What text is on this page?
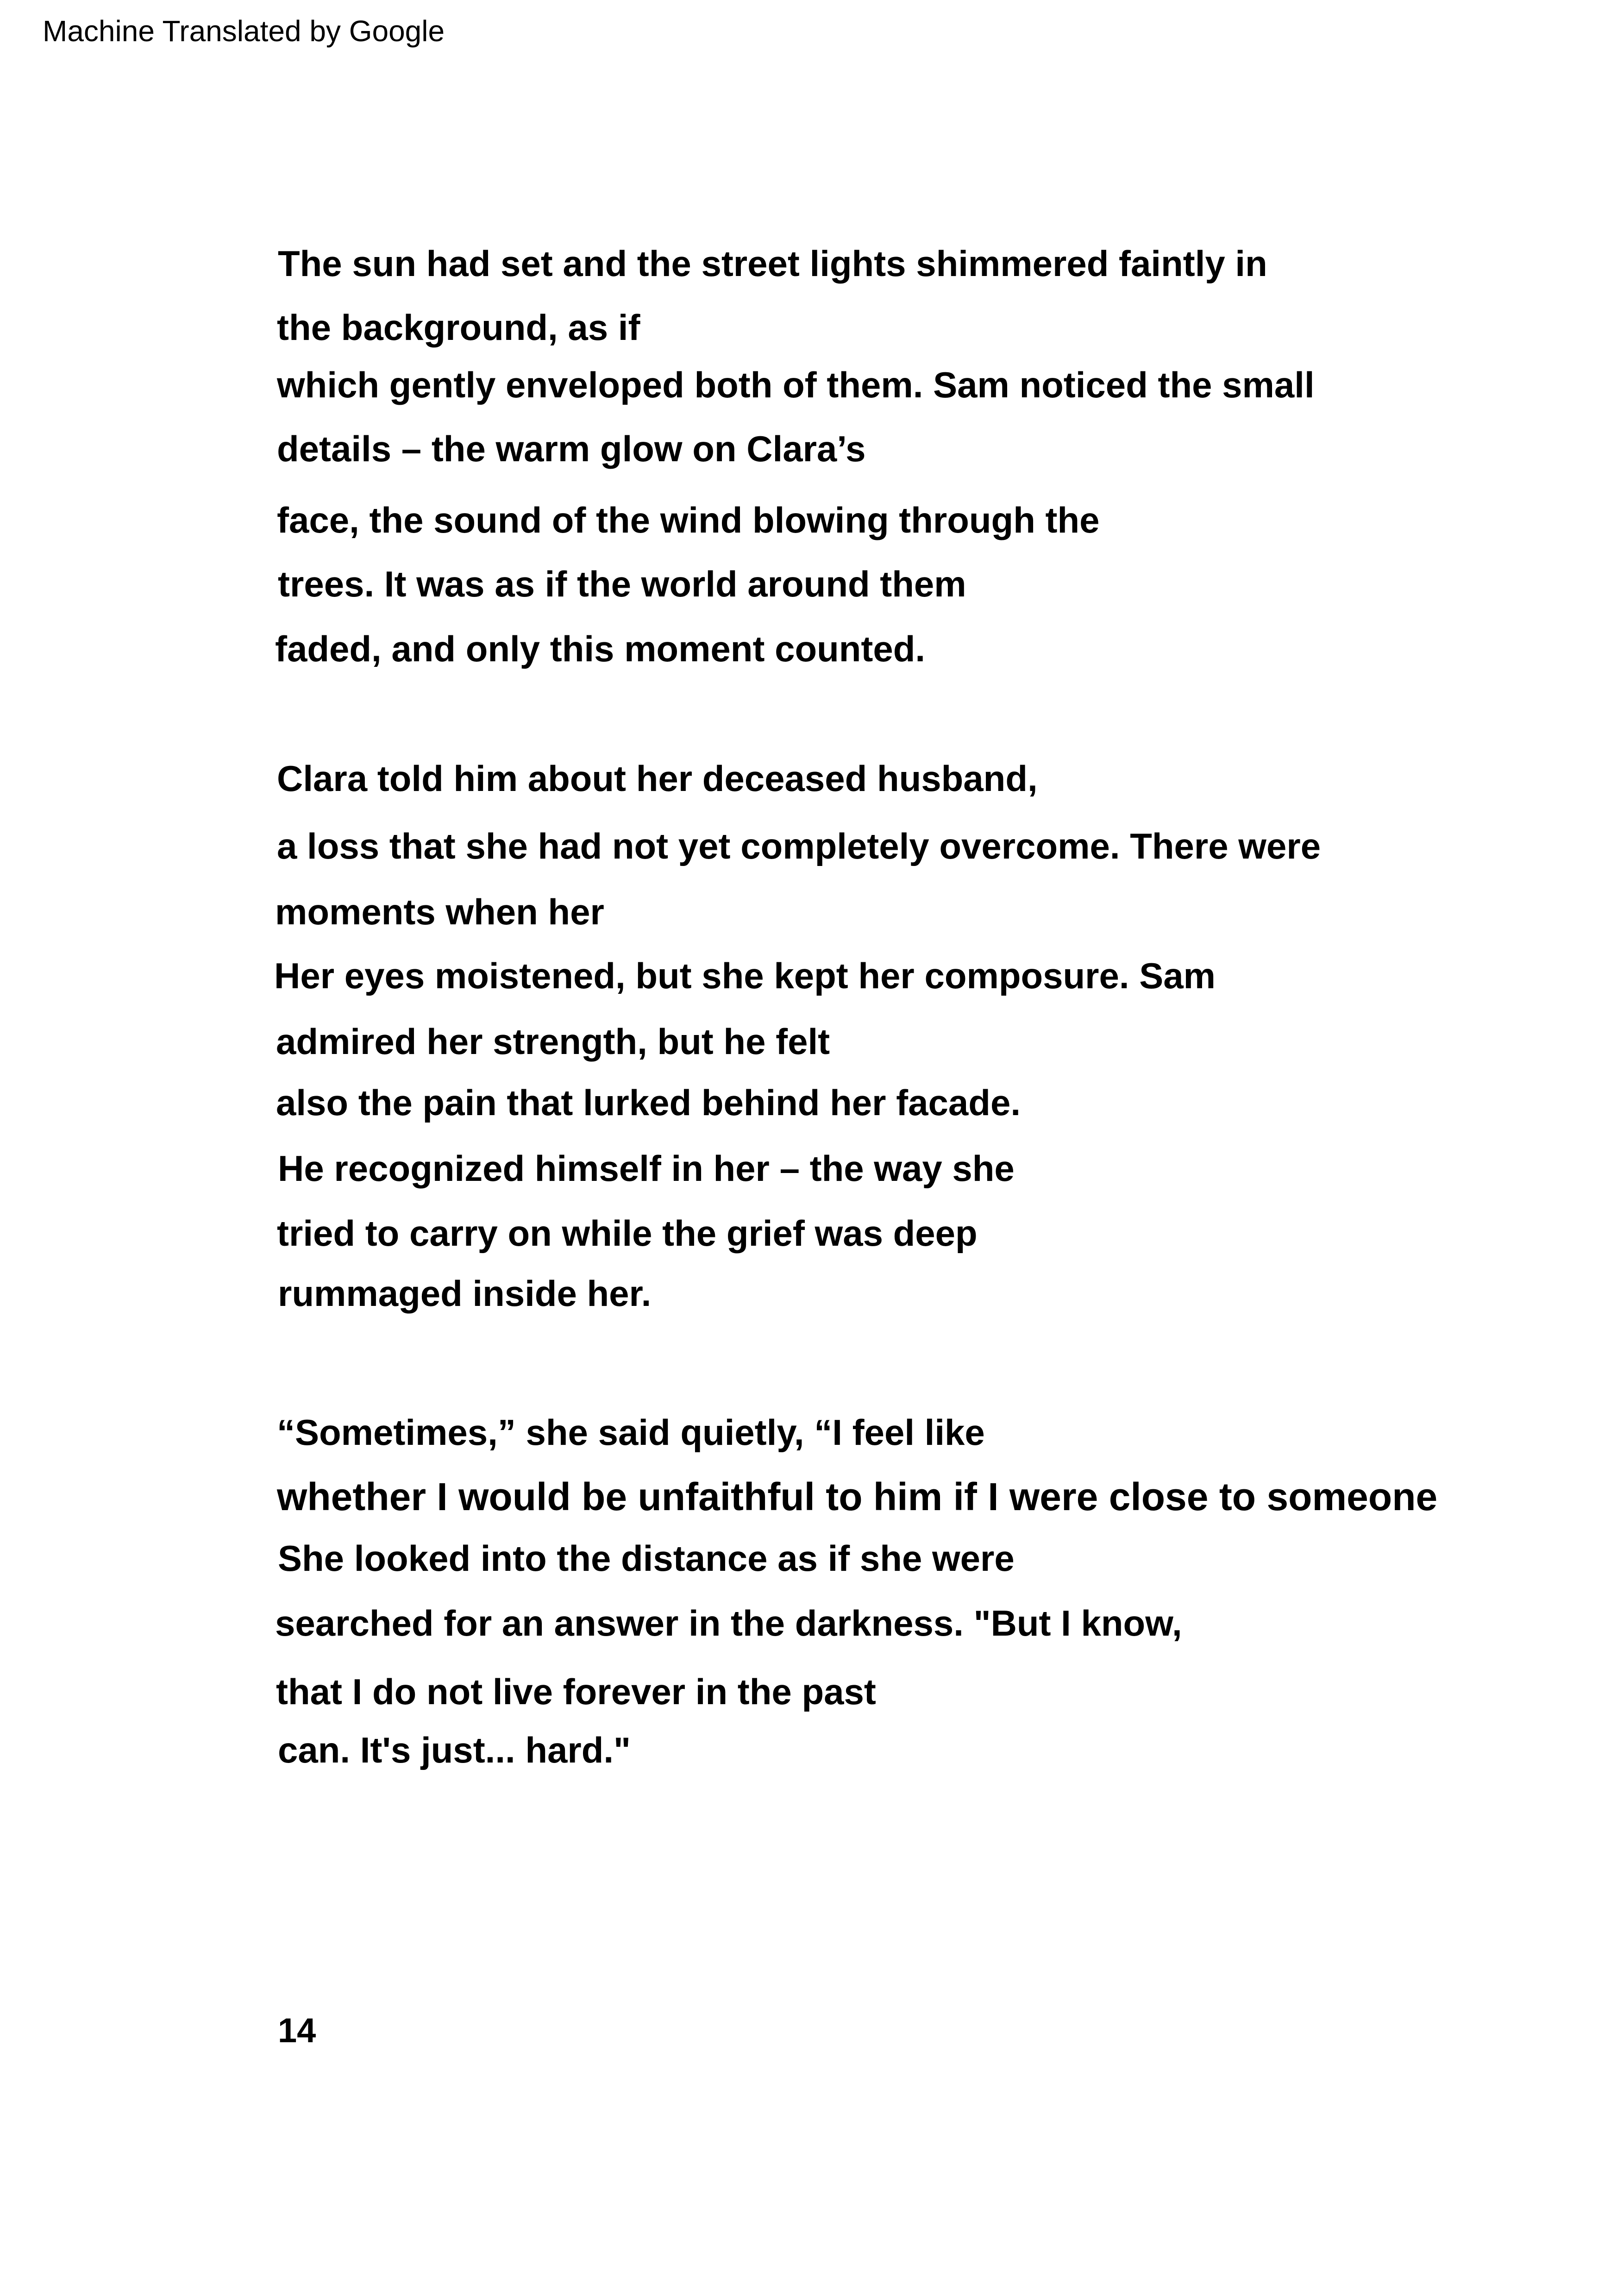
Machine Translated by Google
The sun had set and the street lights shimmered faintly in
the background, as if
which gently enveloped both of them. Sam noticed the small
details – the warm glow on Clara’s
face, the sound of the wind blowing through the
trees. It was as if the world around them
faded, and only this moment counted.
Clara told him about her deceased husband,
a loss that she had not yet completely overcome. There were
moments when her
Her eyes moistened, but she kept her composure. Sam
admired her strength, but he felt
also the pain that lurked behind her facade.
He recognized himself in her – the way she
tried to carry on while the grief was deep
rummaged inside her.
“Sometimes,” she said quietly, “I feel like
whether I would be unfaithful to him if I were close to someone
She looked into the distance as if she were
searched for an answer in the darkness. "But I know,
that I do not live forever in the past
can. It's just... hard."
14
